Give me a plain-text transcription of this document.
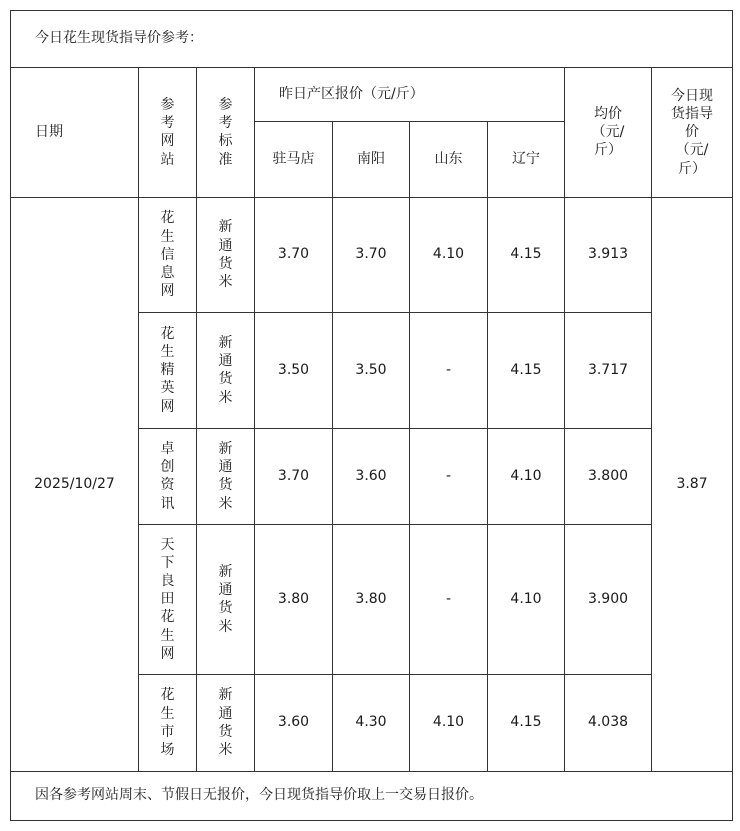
今日花生现货指导价参考：								
日期	参考网站	参考标准	昨日产区报价（元/斤）				均价（元/斤）	今日现货指导价（元/斤）
			驻马店	南阳	山东	辽宁		
2025/10/27	花生信息网	新通货米	3.70	3.70	4.10	4.15	3.913	3.87
	花生精英网	新通货米	3.50	3.50	-	4.15	3.717	
	卓创资讯	新通货米	3.70	3.60	-	4.10	3.800	
	天下良田花生网	新通货米	3.80	3.80	-	4.10	3.900	
	花生市场	新通货米	3.60	4.30	4.10	4.15	4.038	
因各参考网站周末、节假日无报价，今日现货指导价取上一交易日报价。								
